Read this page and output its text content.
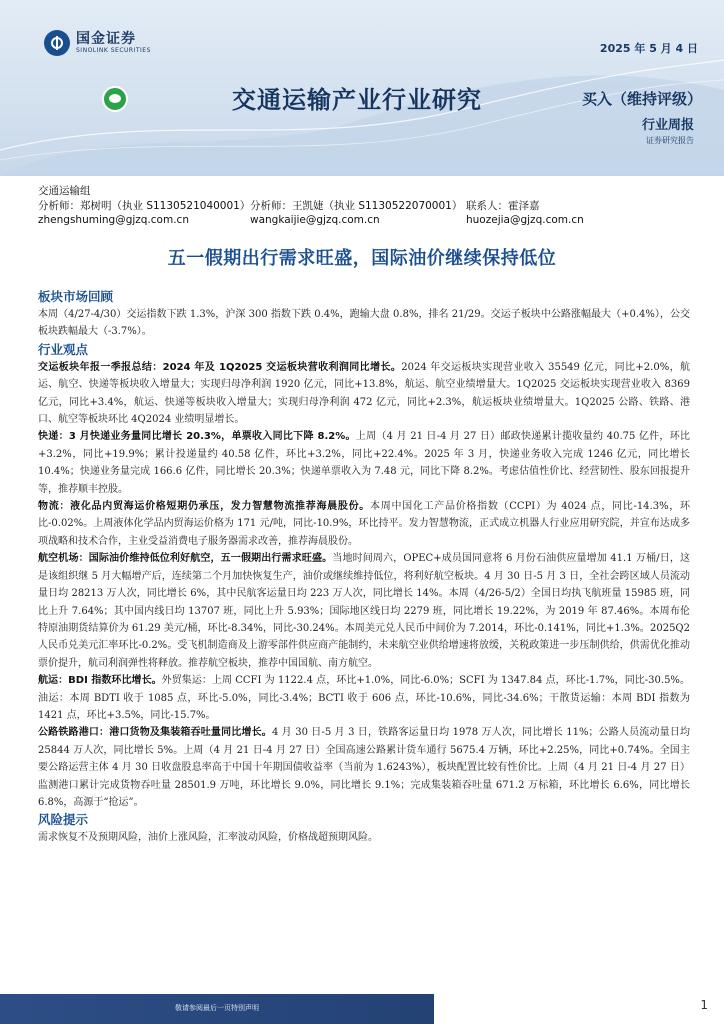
国金证券
SINOLINK SECURITIES	2025 年 5 月 4 日
交通运输产业行业研究	买入（维持评级）
行业周报
证券研究报告
交通运输组
分析师：郑树明（执业 S1130521040001） 分析师：王凯婕（执业 S1130522070001） 联系人：霍泽嘉
zhengshuming@gjzq.com.cn	wangkaijie@gjzq.com.cn	huozejia@gjzq.com.cn
五一假期出行需求旺盛，国际油价继续保持低位
板块市场回顾

本周（4/27-4/30）交运指数下跌 1.3%，沪深 300 指数下跌 0.4%，跑输大盘 0.8%，排名 21/29。交运子板块中公路涨幅最大（+0.4%），公交板块跌幅最大（-3.7%）。

行业观点

交运板块年报一季报总结：2024 年及 1Q2025 交运板块营收利润同比增长。2024 年交运板块实现营业收入 35549 亿元，同比+2.0%，航运、航空、快递等板块收入增量大；实现归母净利润 1920 亿元，同比+13.8%，航运、航空业绩增量大。1Q2025 交运板块实现营业收入 8369 亿元，同比+3.4%，航运、快递等板块收入增量大；实现归母净利润 472 亿元，同比+2.3%，航运板块业绩增量大。1Q2025 公路、铁路、港口、航空等板块环比 4Q2024 业绩明显增长。

快递：3 月快递业务量同比增长 20.3%，单票收入同比下降 8.2%。上周（4 月 21 日-4 月 27 日）邮政快递累计揽收量约 40.75 亿件，环比+3.2%，同比+19.9%；累计投递量约 40.58 亿件，环比+3.2%，同比+22.4%。2025 年 3 月，快递业务收入完成 1246 亿元，同比增长 10.4%；快递业务量完成 166.6 亿件，同比增长 20.3%；快递单票收入为 7.48 元，同比下降 8.2%。考虑估值性价比、经营韧性、股东回报提升等，推荐顺丰控股。

物流：液化品内贸海运价格短期仍承压，发力智慧物流推荐海晨股份。本周中国化工产品价格指数（CCPI）为 4024 点，同比-14.3%，环比-0.02%。上周液体化学品内贸海运价格为 171 元/吨，同比-10.9%，环比持平。发力智慧物流，正式成立机器人行业应用研究院，并宣布达成多项战略和技术合作，主业受益消费电子服务器需求改善，推荐海晨股份。

航空机场：国际油价维持低位利好航空，五一假期出行需求旺盛。当地时间周六，OPEC+成员国同意将 6 月份石油供应量增加 41.1 万桶/日，这是该组织继 5 月大幅增产后，连续第二个月加快恢复生产，油价或继续维持低位，将利好航空板块。4 月 30 日-5 月 3 日，全社会跨区域人员流动量日均 28213 万人次，同比增长 6%，其中民航客运量日均 223 万人次，同比增长 14%。本周（4/26-5/2）全国日均执飞航班量 15985 班，同比上升 7.64%；其中国内线日均 13707 班，同比上升 5.93%；国际地区线日均 2279 班，同比增长 19.22%，为 2019 年 87.46%。本周布伦特原油期货结算价为 61.29 美元/桶，环比-8.34%，同比-30.24%。本周美元兑人民币中间价为 7.2014，环比-0.141%，同比+1.3%。2025Q2 人民币兑美元汇率环比-0.2%。受飞机制造商及上游零部件供应商产能制约，未来航空业供给增速将放缓，关税政策进一步压制供给，供需优化推动票价提升，航司利润弹性将释放。推荐航空板块，推荐中国国航、南方航空。

航运：BDI 指数环比增长。外贸集运：上周 CCFI 为 1122.4 点，环比+1.0%，同比-6.0%；SCFI 为 1347.84 点，环比-1.7%，同比-30.5%。油运：本周 BDTI 收于 1085 点，环比-5.0%，同比-3.4%；BCTI 收于 606 点，环比-10.6%，同比-34.6%；干散货运输：本周 BDI 指数为 1421 点，环比+3.5%，同比-15.7%。

公路铁路港口：港口货物及集装箱吞吐量同比增长。4 月 30 日-5 月 3 日，铁路客运量日均 1978 万人次，同比增长 11%；公路人员流动量日均 25844 万人次，同比增长 5%。上周（4 月 21 日-4 月 27 日）全国高速公路累计货车通行 5675.4 万辆，环比+2.25%，同比+0.74%。全国主要公路运营主体 4 月 30 日收盘股息率高于中国十年期国债收益率（当前为 1.6243%），板块配置比较有性价比。上周（4 月 21 日-4 月 27 日）监测港口累计完成货物吞吐量 28501.9 万吨，环比增长 9.0%，同比增长 9.1%；完成集装箱吞吐量 671.2 万标箱，环比增长 6.6%，同比增长 6.8%，高源于“抢运”。

风险提示

需求恢复不及预期风险，油价上涨风险，汇率波动风险，价格战超预期风险。

敬请参阅最后一页特别声明	1
